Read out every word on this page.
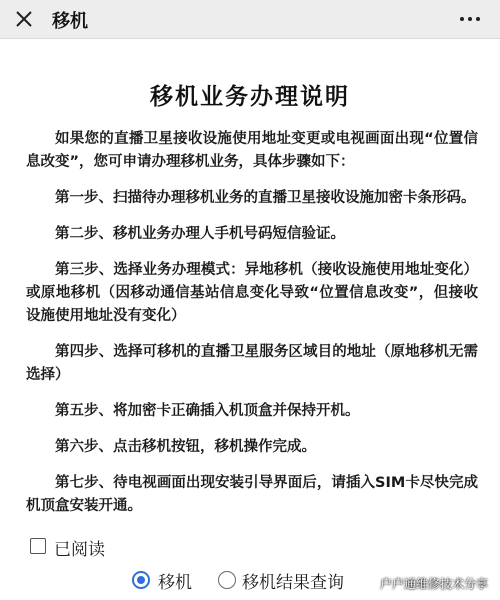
移机
移机业务办理说明

如果您的直播卫星接收设施使用地址变更或电视画面出现“位置信息改变”，您可申请办理移机业务，具体步骤如下：

第一步、扫描待办理移机业务的直播卫星接收设施加密卡条形码。

第二步、移机业务办理人手机号码短信验证。

第三步、选择业务办理模式：异地移机（接收设施使用地址变化）或原地移机（因移动通信基站信息变化导致“位置信息改变”，但接收设施使用地址没有变化）

第四步、选择可移机的直播卫星服务区域目的地址（原地移机无需选择）

第五步、将加密卡正确插入机顶盒并保持开机。

第六步、点击移机按钮，移机操作完成。

第七步、待电视画面出现安装引导界面后，请插入SIM卡尽快完成机顶盒安装开通。

已阅读
移机	移机结果查询	户户通维修技术分享
